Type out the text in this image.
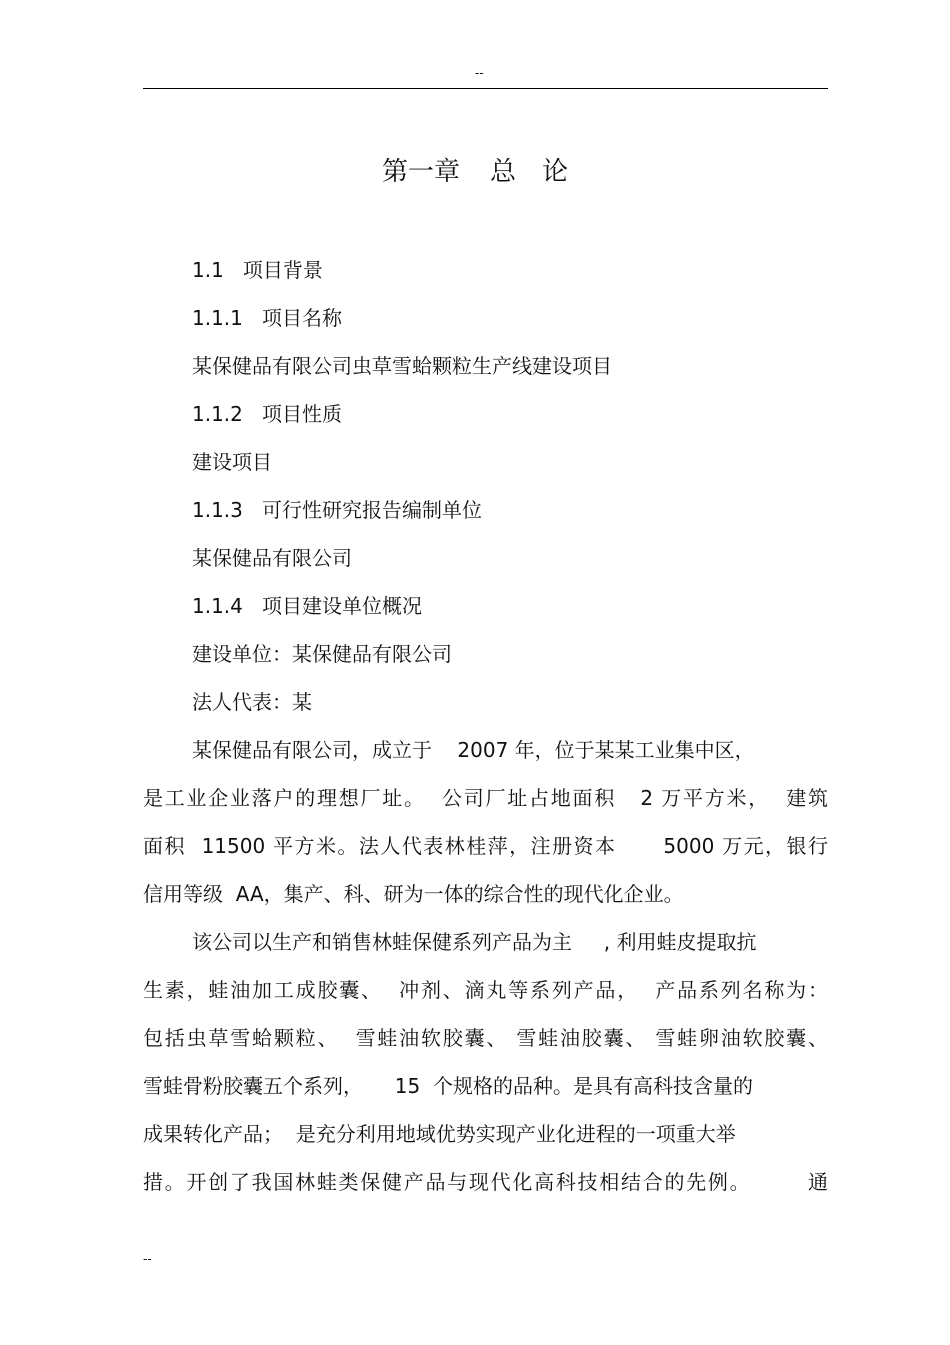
--
第一章 总　论
1.1   项目背景
1.1.1   项目名称
某保健品有限公司虫草雪蛤颗粒生产线建设项目
1.1.2   项目性质
建设项目
1.1.3   可行性研究报告编制单位
某保健品有限公司
1.1.4   项目建设单位概况
建设单位：某保健品有限公司
法人代表：某
某保健品有限公司，成立于    2007 年，位于某某工业集中区，
是工业企业落户的理想厂址。  公司厂址占地面积   2 万平方米，  建筑
面积  11500 平方米。法人代表林桂萍，注册资本      5000 万元，银行
信用等级  AA，集产、科、研为一体的综合性的现代化企业。
该公司以生产和销售林蛙保健系列产品为主     , 利用蛙皮提取抗
生素，蛙油加工成胶囊、  冲剂、滴丸等系列产品，  产品系列名称为：
包括虫草雪蛤颗粒、  雪蛙油软胶囊、 雪蛙油胶囊、 雪蛙卵油软胶囊、
雪蛙骨粉胶囊五个系列，     15  个规格的品种。是具有高科技含量的
成果转化产品；  是充分利用地域优势实现产业化进程的一项重大举
措。开创了我国林蛙类保健产品与现代化高科技相结合的先例。       通
--
